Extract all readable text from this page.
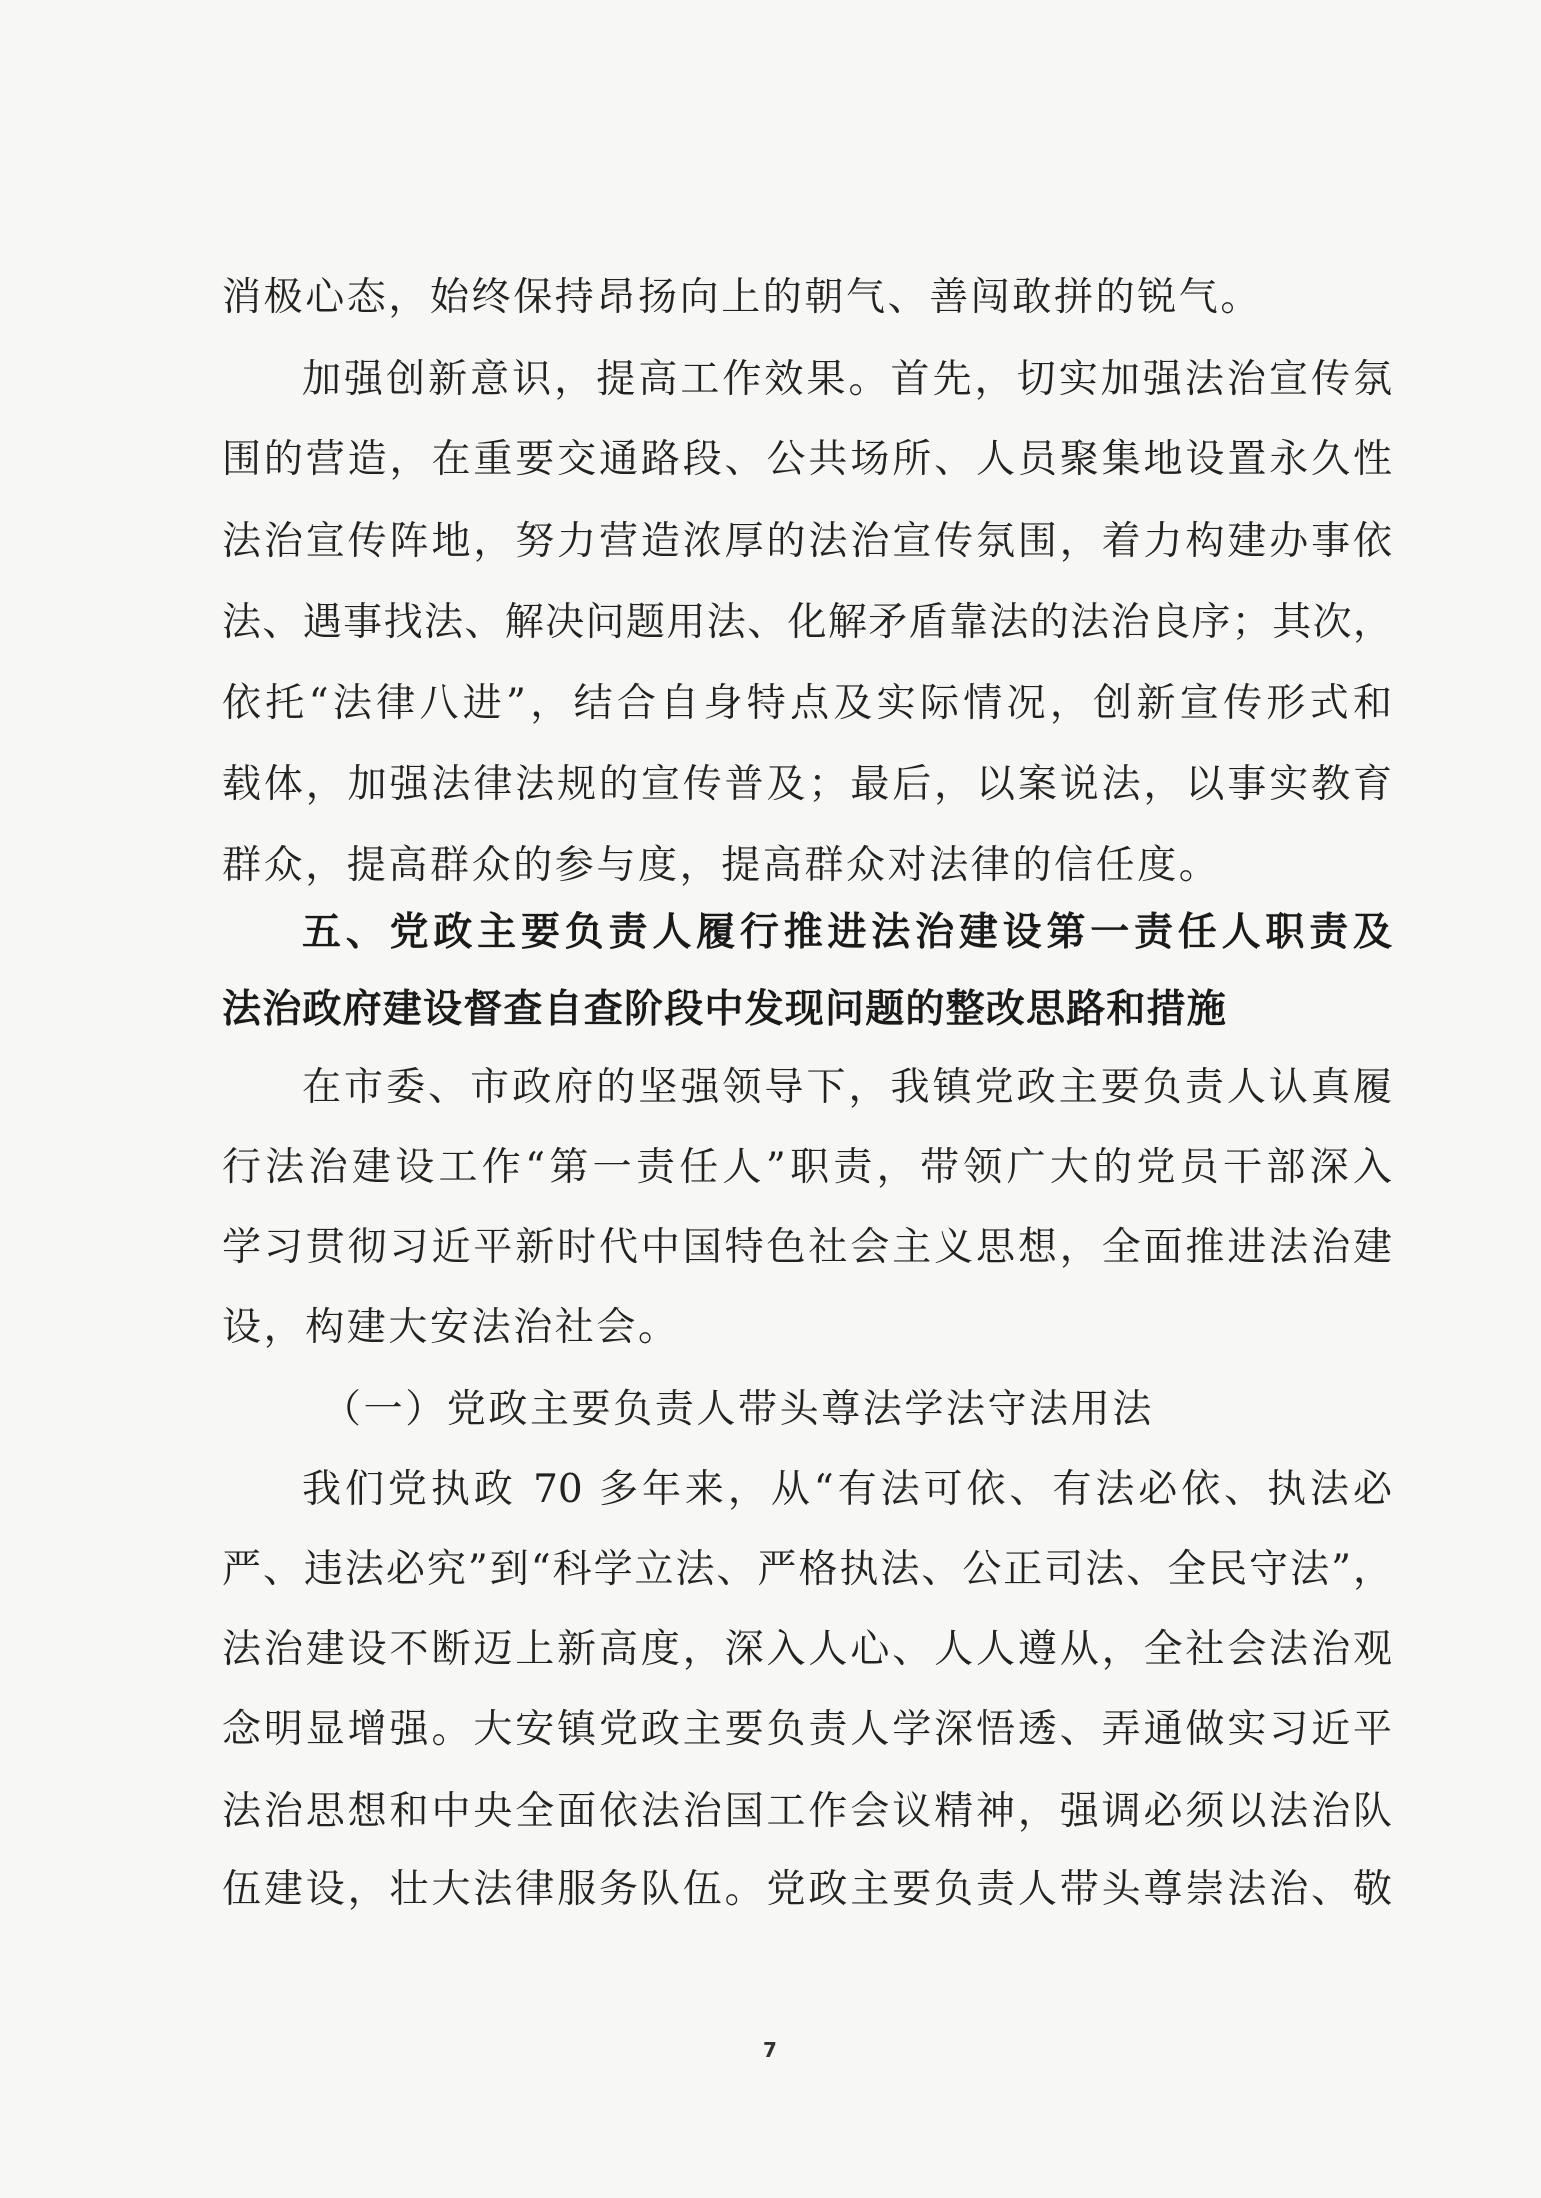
消极心态，始终保持昂扬向上的朝气、善闯敢拼的锐气。
加强创新意识，提高工作效果。首先，切实加强法治宣传氛
围的营造，在重要交通路段、公共场所、人员聚集地设置永久性
法治宣传阵地，努力营造浓厚的法治宣传氛围，着力构建办事依
法、遇事找法、解决问题用法、化解矛盾靠法的法治良序；其次，
依托“法律八进”，结合自身特点及实际情况，创新宣传形式和
载体，加强法律法规的宣传普及；最后，以案说法，以事实教育
群众，提高群众的参与度，提高群众对法律的信任度。
五、党政主要负责人履行推进法治建设第一责任人职责及
法治政府建设督查自查阶段中发现问题的整改思路和措施
在市委、市政府的坚强领导下，我镇党政主要负责人认真履
行法治建设工作“第一责任人”职责，带领广大的党员干部深入
学习贯彻习近平新时代中国特色社会主义思想，全面推进法治建
设，构建大安法治社会。
（一）党政主要负责人带头尊法学法守法用法
我们党执政 70 多年来，从“有法可依、有法必依、执法必
严、违法必究”到“科学立法、严格执法、公正司法、全民守法”，
法治建设不断迈上新高度，深入人心、人人遵从，全社会法治观
念明显增强。大安镇党政主要负责人学深悟透、弄通做实习近平
法治思想和中央全面依法治国工作会议精神，强调必须以法治队
伍建设，壮大法律服务队伍。党政主要负责人带头尊崇法治、敬
7
